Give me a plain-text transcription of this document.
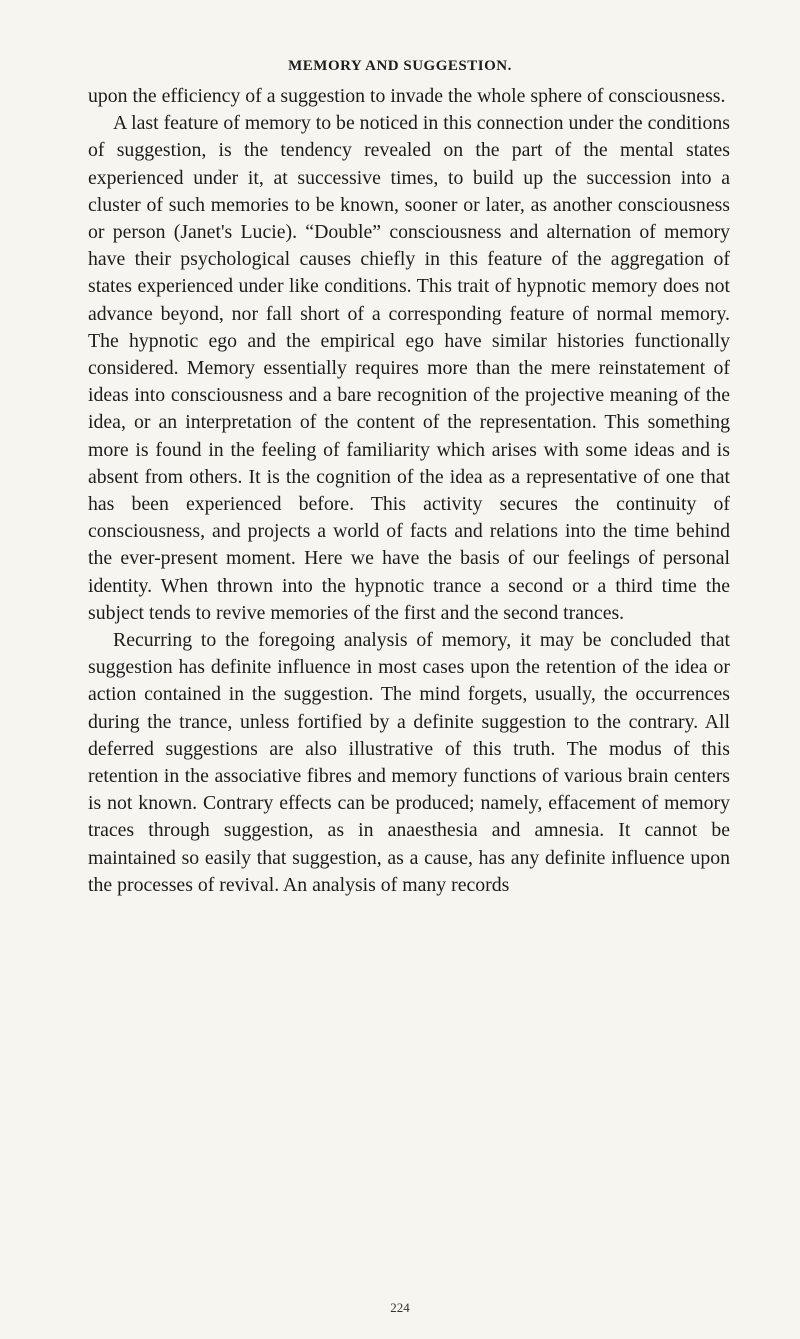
MEMORY AND SUGGESTION.

upon the efficiency of a suggestion to invade the whole sphere of consciousness.

A last feature of memory to be noticed in this connection under the conditions of suggestion, is the tendency revealed on the part of the mental states experienced under it, at successive times, to build up the succession into a cluster of such memories to be known, sooner or later, as another consciousness or person (Janet's Lucie). “Double” consciousness and alternation of memory have their psychological causes chiefly in this feature of the aggregation of states experienced under like conditions. This trait of hypnotic memory does not advance beyond, nor fall short of a corresponding feature of normal memory. The hypnotic ego and the empirical ego have similar histories functionally considered. Memory essentially requires more than the mere reinstatement of ideas into consciousness and a bare recognition of the projective meaning of the idea, or an interpretation of the content of the representation. This something more is found in the feeling of familiarity which arises with some ideas and is absent from others. It is the cognition of the idea as a representative of one that has been experienced before. This activity secures the continuity of consciousness, and projects a world of facts and relations into the time behind the ever-present moment. Here we have the basis of our feelings of personal identity. When thrown into the hypnotic trance a second or a third time the subject tends to revive memories of the first and the second trances.

Recurring to the foregoing analysis of memory, it may be concluded that suggestion has definite influence in most cases upon the retention of the idea or action contained in the suggestion. The mind forgets, usually, the occurrences during the trance, unless fortified by a definite suggestion to the contrary. All deferred suggestions are also illustrative of this truth. The modus of this retention in the associative fibres and memory functions of various brain centers is not known. Contrary effects can be produced; namely, effacement of memory traces through suggestion, as in anaesthesia and amnesia. It cannot be maintained so easily that suggestion, as a cause, has any definite influence upon the processes of revival. An analysis of many records

224
